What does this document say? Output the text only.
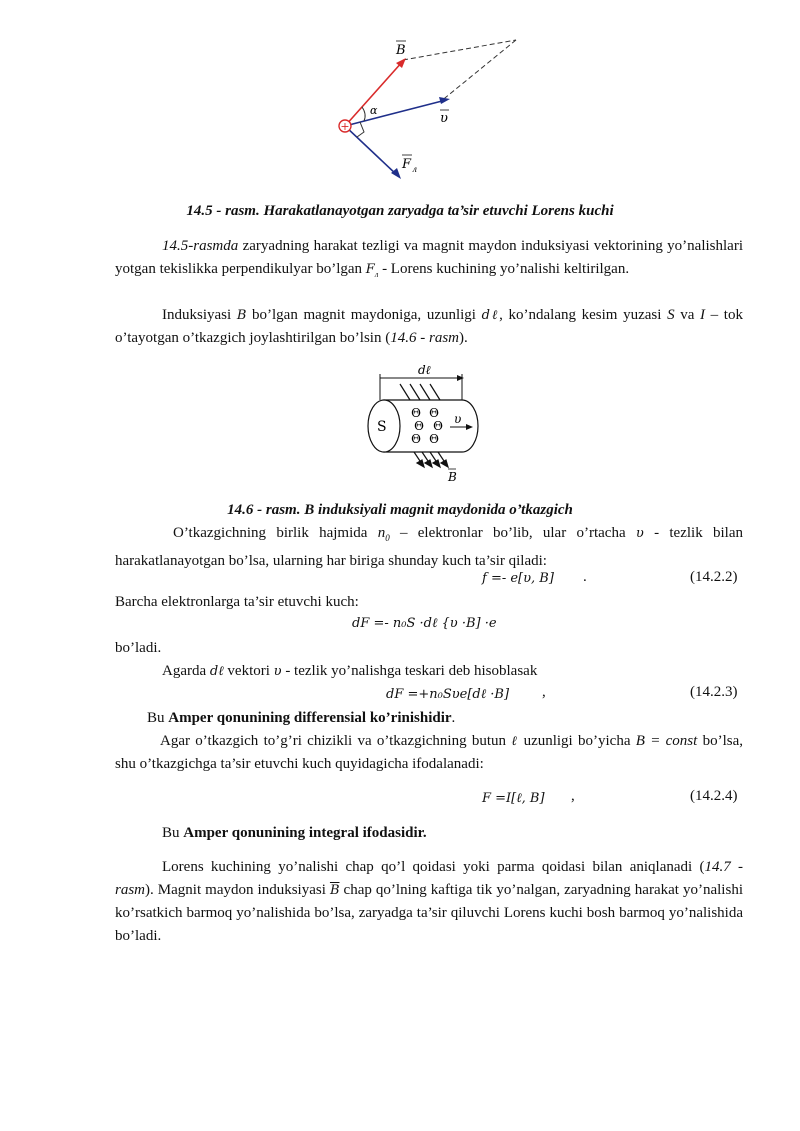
+
B
α
υ
F л
14.5 - rasm. Harakatlanayotgan zaryadga ta’sir etuvchi Lorens kuchi
14.5-rasmda zaryadning harakat tezligi va magnit maydon induksiyasi vektorining yo’nalishlari yotgan tekislikka perpendikulyar bo’lgan $F_л$ - Lorens kuchining yo’nalishi keltirilgan.
Induksiyasi B bo’lgan magnit maydoniga, uzunligi dℓ, ko’ndalang kesim yuzasi S va I – tok o’tayotgan o’tkazgich joylashtirilgan bo’lsin (14.6 - rasm).
dℓ
S
Θ Θ
Θ Θ
Θ Θ
υ
B
14.6 - rasm. B induksiyali magnit maydonida o’tkazgich
O’tkazgichning birlik hajmida $n_0$ – elektronlar bo’lib, ular o’rtacha υ - tezlik bilan harakatlanayotgan bo’lsa, ularning har biriga shunday kuch ta’sir qiladi:
f =- e[υ, B] .	(14.2.2)
Barcha elektronlarga ta’sir etuvchi kuch:
dF =- n₀S ·dℓ {υ ·B] ·e
bo’ladi.
Agarda dℓ vektori υ - tezlik yo’nalishga teskari deb hisoblasak
dF =+n₀Sυe[dℓ ·B] ,	(14.2.3)
Bu Amper qonunining differensial ko’rinishidir.
Agar o’tkazgich to’g’ri chizikli va o’tkazgichning butun ℓ uzunligi bo’yicha B = const bo’lsa, shu o’tkazgichga ta’sir etuvchi kuch quyidagicha ifodalanadi:
F =I[ℓ, B] ,	(14.2.4)
Bu Amper qonunining integral ifodasidir.
Lorens kuchining yo’nalishi chap qo’l qoidasi yoki parma qoidasi bilan aniqlanadi (14.7 - rasm). Magnit maydon induksiyasi $\overline{B}$ chap qo’lning kaftiga tik yo’nalgan, zaryadning harakat yo’nalishi ko’rsatkich barmoq yo’nalishida bo’lsa, zaryadga ta’sir qiluvchi Lorens kuchi bosh barmoq yo’nalishida bo’ladi.
